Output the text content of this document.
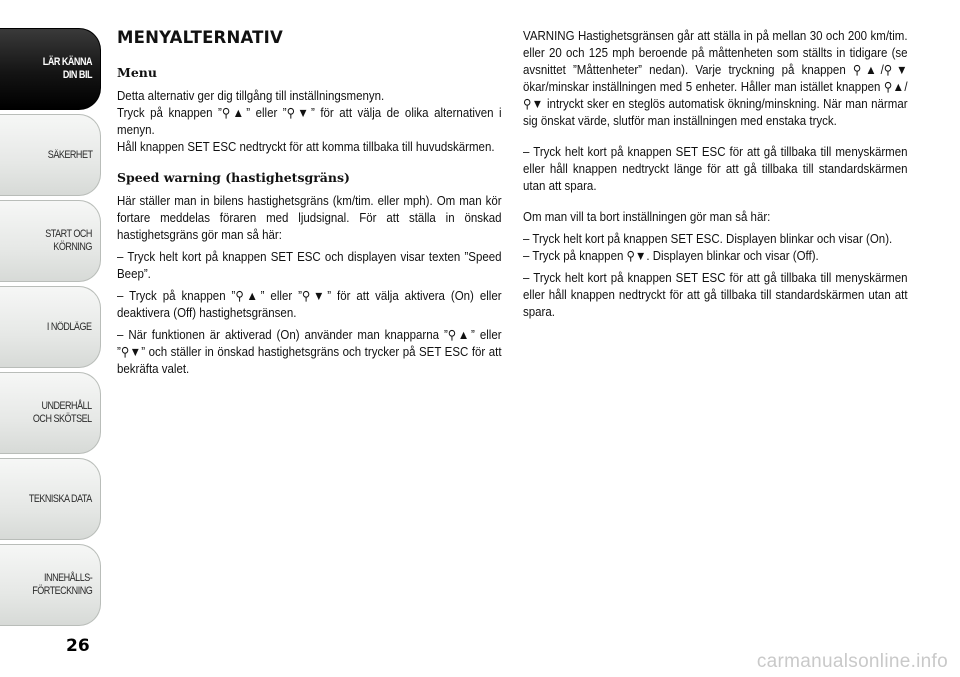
LÄR KÄNNA
DIN BIL
SÄKERHET
START OCH
KÖRNING
I NÖDLÄGE
UNDERHÅLL
OCH SKÖTSEL
TEKNISKA DATA
INNEHÅLLS-
FÖRTECKNING
26
MENYALTERNATIV
Menu

Detta alternativ ger dig tillgång till inställningsmenyn.

Tryck på knappen ”⚲▲” eller ”⚲▼” för att välja de olika alternativen i menyn.

Håll knappen SET ESC nedtryckt för att komma tillbaka till huvudskärmen.

Speed warning (hastighetsgräns)

Här ställer man in bilens hastighetsgräns (km/tim. eller mph). Om man kör fortare meddelas föraren med ljudsignal. För att ställa in önskad hastighetsgräns gör man så här:

– Tryck helt kort på knappen SET ESC och displayen visar texten ”Speed Beep”.

– Tryck på knappen ”⚲▲” eller ”⚲▼” för att välja aktivera (On) eller deaktivera (Off) hastighetsgränsen.

– När funktionen är aktiverad (On) använder man knapparna ”⚲▲” eller ”⚲▼” och ställer in önskad hastighetsgräns och trycker på SET ESC för att bekräfta valet.

VARNING Hastighetsgränsen går att ställa in på mellan 30 och 200 km/tim. eller 20 och 125 mph beroende på måttenheten som ställts in tidigare (se avsnittet ”Måttenheter” nedan). Varje tryckning på knappen ⚲▲/⚲▼ ökar/minskar inställningen med 5 enheter. Håller man istället knappen ⚲▲/⚲▼ intryckt sker en steglös automatisk ökning/minskning. När man närmar sig önskat värde, slutför man inställningen med enstaka tryck.

– Tryck helt kort på knappen SET ESC för att gå tillbaka till menyskärmen eller håll knappen nedtryckt länge för att gå tillbaka till standardskärmen utan att spara.

Om man vill ta bort inställningen gör man så här:

– Tryck helt kort på knappen SET ESC. Displayen blinkar och visar (On).

– Tryck på knappen ⚲▼. Displayen blinkar och visar (Off).

– Tryck helt kort på knappen SET ESC för att gå tillbaka till menyskärmen eller håll knappen nedtryckt för att gå tillbaka till standardskärmen utan att spara.

carmanualsonline.info
